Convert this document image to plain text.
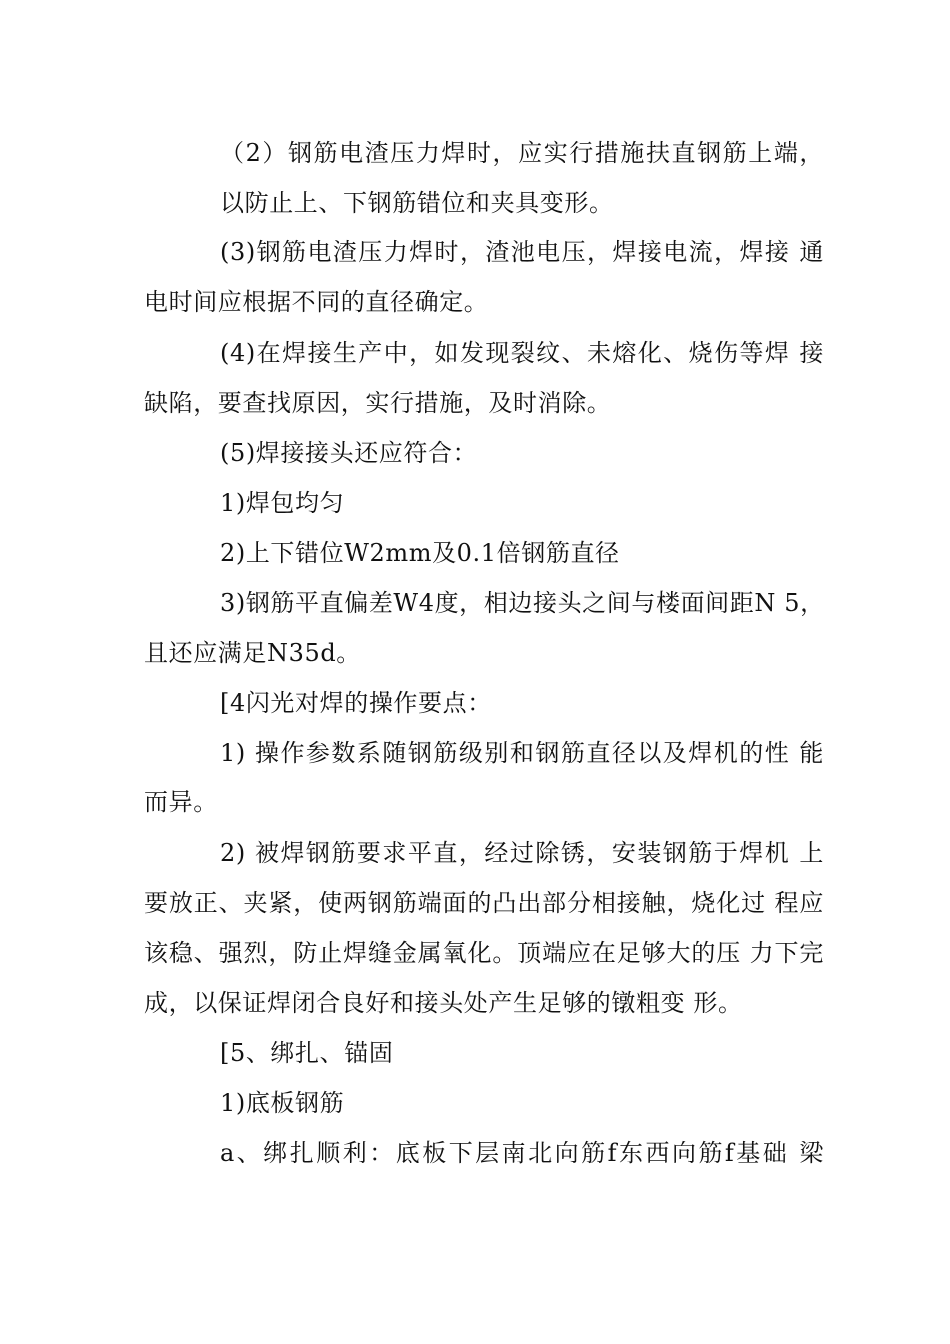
（2）钢筋电渣压力焊时，应实行措施扶直钢筋上端，
以防止上、下钢筋错位和夹具变形。
(3)钢筋电渣压力焊时，渣池电压，焊接电流，焊接 通
电时间应根据不同的直径确定。
(4)在焊接生产中，如发现裂纹、未熔化、烧伤等焊 接
缺陷，要查找原因，实行措施，及时消除。
(5)焊接接头还应符合：
1)焊包均匀
2)上下错位W2mm及0.1倍钢筋直径
3)钢筋平直偏差W4度，相边接头之间与楼面间距N 5，
且还应满足N35d。
[4闪光对焊的操作要点：
1) 操作参数系随钢筋级别和钢筋直径以及焊机的性 能
而异。
2) 被焊钢筋要求平直，经过除锈，安装钢筋于焊机 上
要放正、夹紧，使两钢筋端面的凸出部分相接触，烧化过 程应
该稳、强烈，防止焊缝金属氧化。顶端应在足够大的压 力下完
成，以保证焊闭合良好和接头处产生足够的镦粗变 形。
[5、绑扎、锚固
1)底板钢筋
a、绑扎顺利：底板下层南北向筋f东西向筋f基础 梁
